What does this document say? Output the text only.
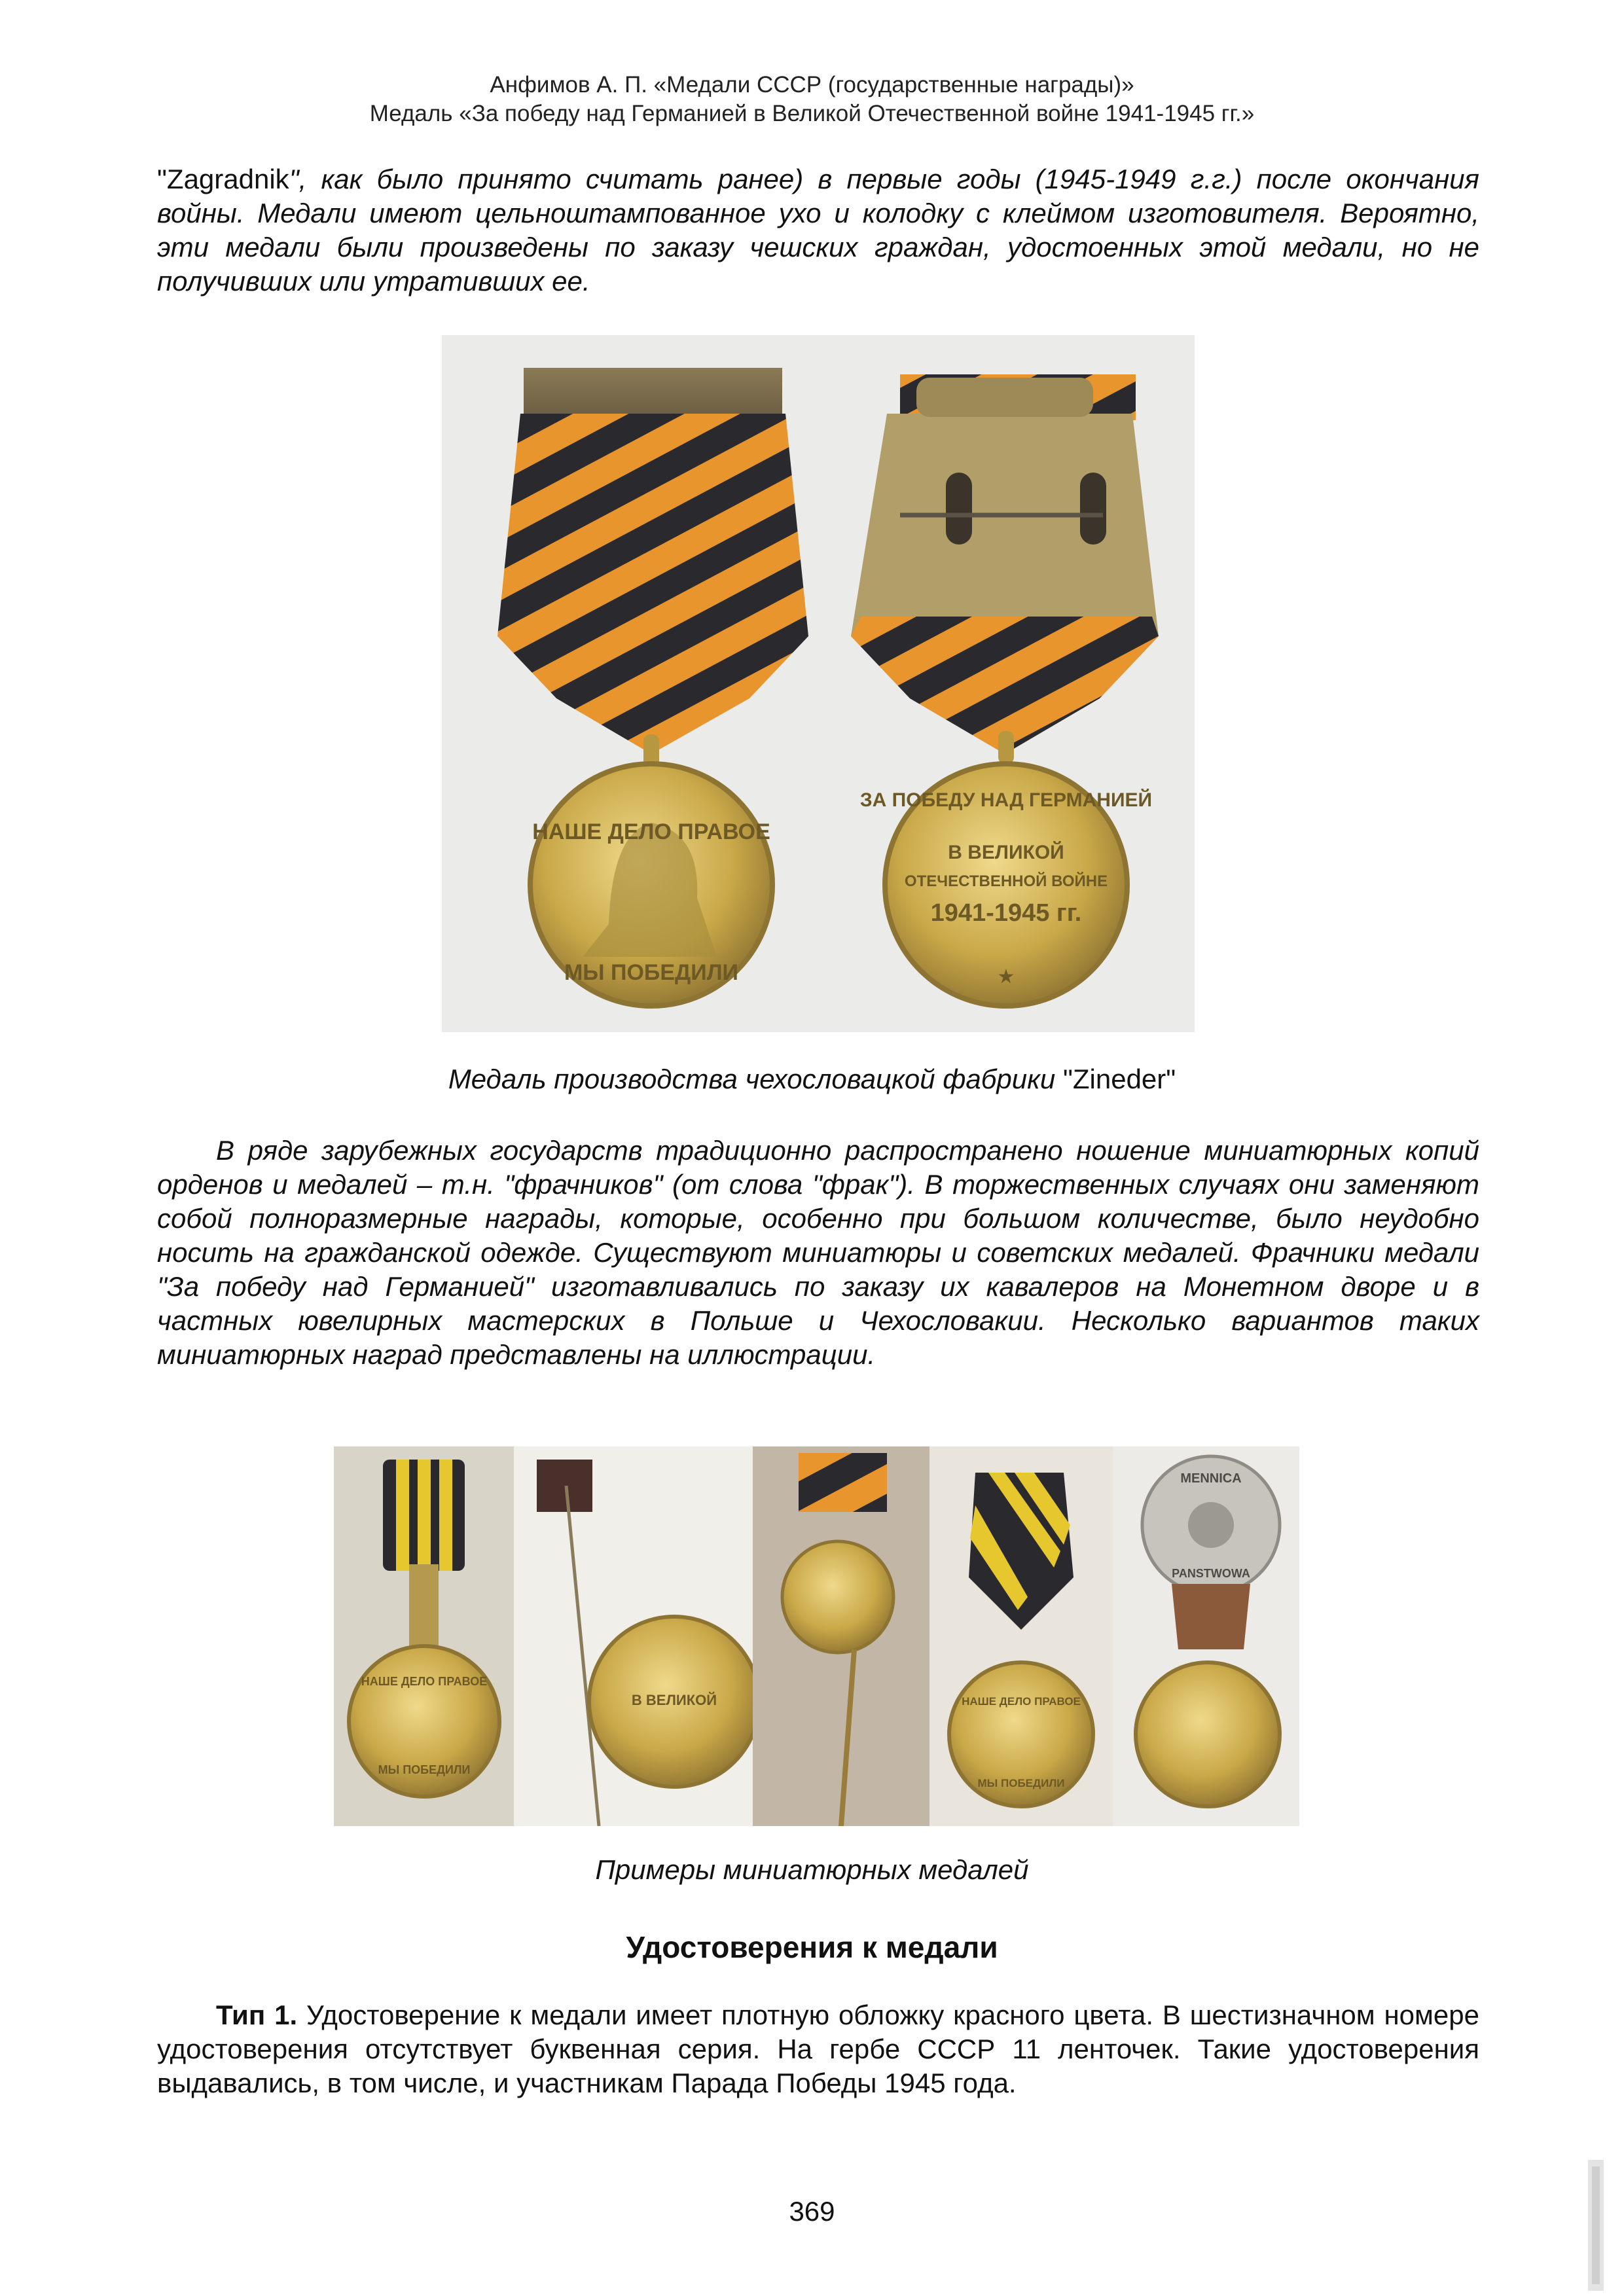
Анфимов А. П. «Медали СССР (государственные награды)»
Медаль «За победу над Германией в Великой Отечественной войне 1941-1945 гг.»
"Zagradnik", как было принято считать ранее) в первые годы (1945-1949 г.г.) после окончания войны. Медали имеют цельноштампованное ухо и колодку с клеймом изготовителя. Вероятно, эти медали были произведены по заказу чешских граждан, удостоенных этой медали, но не получивших или утративших ее.
НАШЕ ДЕЛО ПРАВОЕ
МЫ ПОБЕДИЛИ
ЗА ПОБЕДУ НАД ГЕРМАНИЕЙ
В ВЕЛИКОЙ
ОТЕЧЕСТВЕННОЙ ВОЙНЕ
1941-1945 гг.
★
Медаль производства чехословацкой фабрики "Zineder"
В ряде зарубежных государств традиционно распространено ношение миниатюрных копий орденов и медалей – т.н. "фрачников" (от слова "фрак"). В торжественных случаях они заменяют собой полноразмерные награды, которые, особенно при большом количестве, было неудобно носить на гражданской одежде. Существуют миниатюры и советских медалей. Фрачники медали "За победу над Германией" изготавливались по заказу их кавалеров на Монетном дворе и в частных ювелирных мастерских в Польше и Чехословакии. Несколько вариантов таких миниатюрных наград представлены на иллюстрации.
НАШЕ ДЕЛО ПРАВОЕ
МЫ ПОБЕДИЛИ
В ВЕЛИКОЙ	НАШЕ ДЕЛО ПРАВОЕ
МЫ ПОБЕДИЛИ
MENNICA
PANSTWOWA
Примеры миниатюрных медалей
Удостоверения к медали
Тип 1. Удостоверение к медали имеет плотную обложку красного цвета. В шестизначном номере удостоверения отсутствует буквенная серия. На гербе СССР 11 ленточек. Такие удостоверения выдавались, в том числе, и участникам Парада Победы 1945 года.
369
